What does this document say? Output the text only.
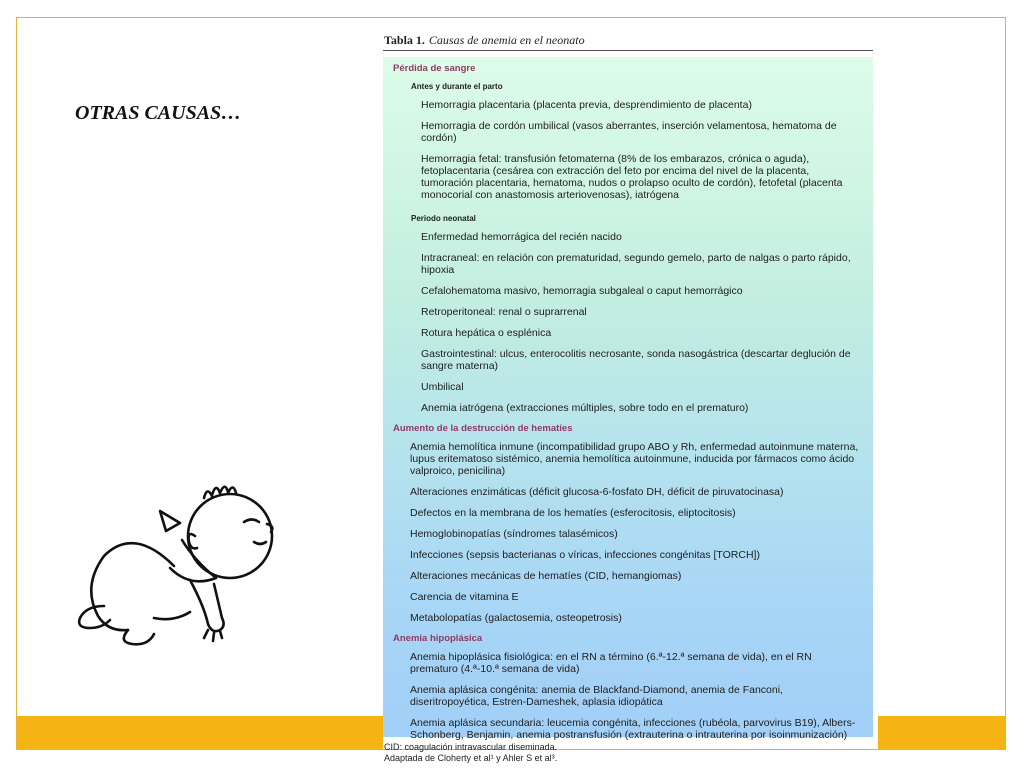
OTRAS CAUSAS…
Tabla 1. Causas de anemia en el neonato
Pérdida de sangre
Antes y durante el parto
Hemorragia placentaria (placenta previa, desprendimiento de placenta)
Hemorragia de cordón umbilical (vasos aberrantes, inserción velamentosa, hematoma de cordón)
Hemorragia fetal: transfusión fetomaterna (8% de los embarazos, crónica o aguda), fetoplacentaria (cesárea con extracción del feto por encima del nivel de la placenta, tumoración placentaria, hematoma, nudos o prolapso oculto de cordón), fetofetal (placenta monocorial con anastomosis arteriovenosas), iatrógena
Periodo neonatal
Enfermedad hemorrágica del recién nacido
Intracraneal: en relación con prematuridad, segundo gemelo, parto de nalgas o parto rápido, hipoxia
Cefalohematoma masivo, hemorragia subgaleal o caput hemorrágico
Retroperitoneal: renal o suprarrenal
Rotura hepática o esplénica
Gastrointestinal: ulcus, enterocolitis necrosante, sonda nasogástrica (descartar deglución de sangre materna)
Umbilical
Anemia iatrógena (extracciones múltiples, sobre todo en el prematuro)
Aumento de la destrucción de hematíes
Anemia hemolítica inmune (incompatibilidad grupo ABO y Rh, enfermedad autoinmune materna, lupus eritematoso sistémico, anemia hemolítica autoinmune, inducida por fármacos como ácido valproico, penicilina)
Alteraciones enzimáticas (déficit glucosa-6-fosfato DH, déficit de piruvatocinasa)
Defectos en la membrana de los hematíes (esferocitosis, eliptocitosis)
Hemoglobinopatías (síndromes talasémicos)
Infecciones (sepsis bacterianas o víricas, infecciones congénitas [TORCH])
Alteraciones mecánicas de hematíes (CID, hemangiomas)
Carencia de vitamina E
Metabolopatías (galactosemia, osteopetrosis)
Anemia hipoplásica
Anemia hipoplásica fisiológica: en el RN a término (6.ª-12.ª semana de vida), en el RN prematuro (4.ª-10.ª semana de vida)
Anemia aplásica congénita: anemia de Blackfand-Diamond, anemia de Fanconi, diseritropoyética, Estren-Dameshek, aplasia idiopática
Anemia aplásica secundaria: leucemia congénita, infecciones (rubéola, parvovirus B19), Albers-Schonberg, Benjamin, anemia postransfusión (extrauterina o intrauterina por isoinmunización)
CID: coagulación intravascular diseminada.
Adaptada de Cloherty et al¹ y Ahler S et al³.
